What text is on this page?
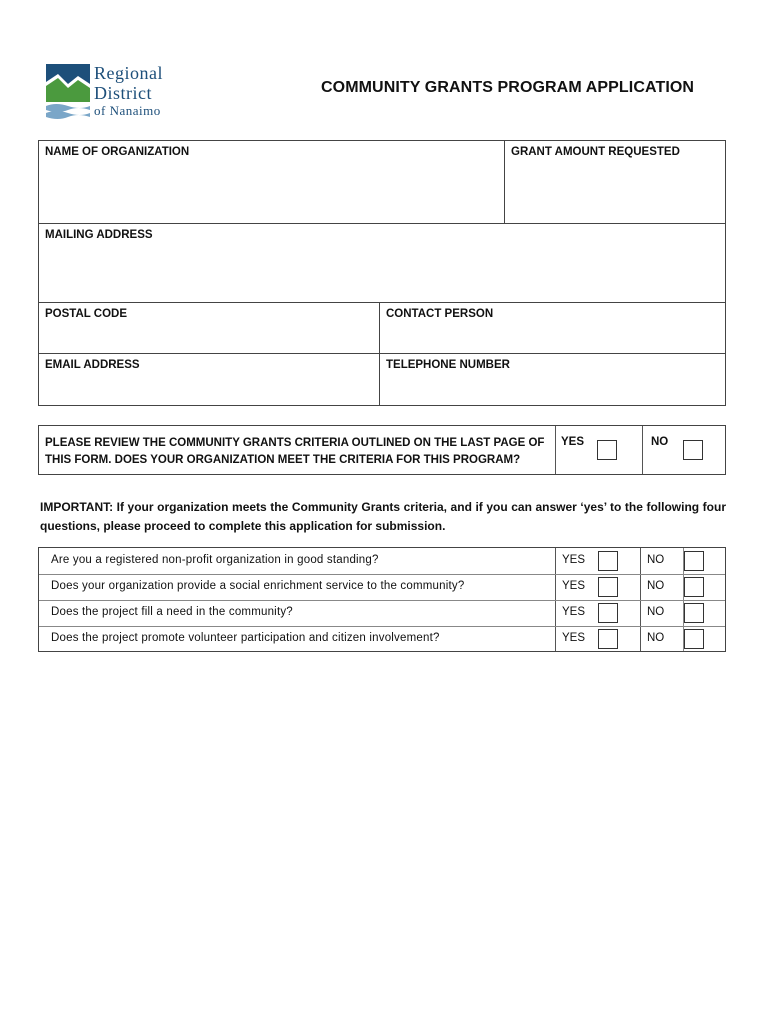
Regional
District
of Nanaimo
COMMUNITY GRANTS PROGRAM APPLICATION
NAME OF ORGANIZATION	GRANT AMOUNT REQUESTED
MAILING ADDRESS
POSTAL CODE	CONTACT PERSON
EMAIL ADDRESS	TELEPHONE NUMBER
PLEASE REVIEW THE COMMUNITY GRANTS CRITERIA OUTLINED ON THE LAST PAGE OF THIS FORM. DOES YOUR ORGANIZATION MEET THE CRITERIA FOR THIS PROGRAM?
YES	NO
IMPORTANT: If your organization meets the Community Grants criteria, and if you can answer ‘yes’ to the following four questions, please proceed to complete this application for submission.
Are you a registered non-profit organization in good standing?	YES	NO
Does your organization provide a social enrichment service to the community?	YES	NO
Does the project fill a need in the community?	YES	NO
Does the project promote volunteer participation and citizen involvement?	YES	NO
